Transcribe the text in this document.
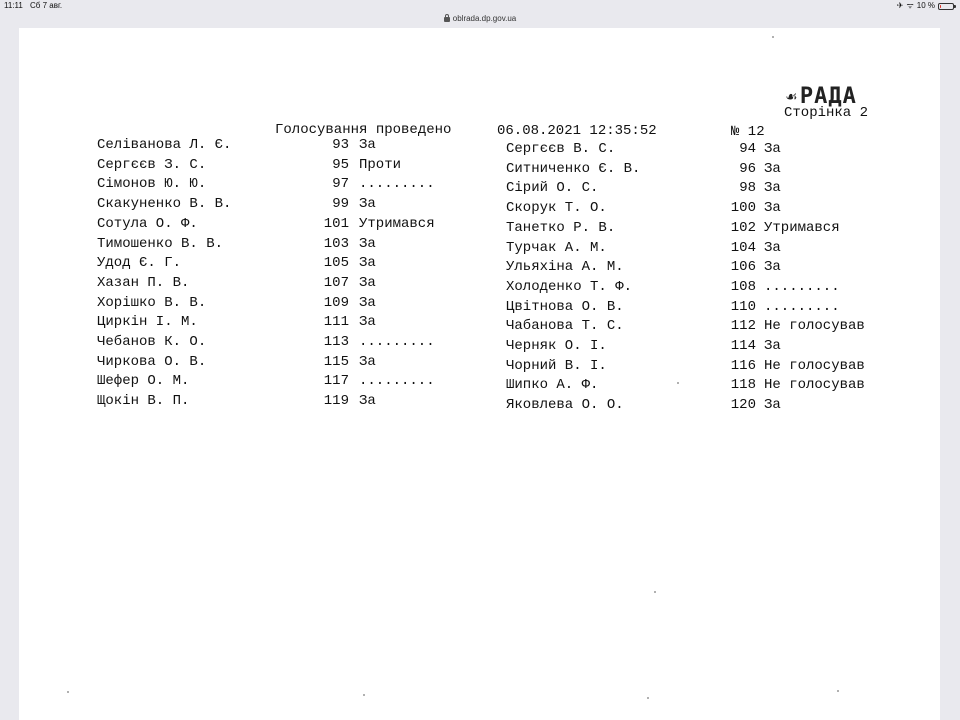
11:11 Сб 7 авг.	✈ ᯤ 10 %
oblrada.dp.gov.ua
☙РАДА
Сторінка 2
Голосування проведено	06.08.2021 12:35:52	№ 12
Селіванова Л. Є.	93 За
Сергєєв З. С.	95 Проти
Сімонов Ю. Ю.	97 .........
Скакуненко В. В.	99 За
Сотула О. Ф.	101 Утримався
Тимошенко В. В.	103 За
Удод Є. Г.	105 За
Хазан П. В.	107 За
Хорішко В. В.	109 За
Циркін І. М.	111 За
Чебанов К. О.	113 .........
Чиркова О. В.	115 За
Шефер О. М.	117 .........
Щокін В. П.	119 За
Сергєєв В. С.	94 За
Ситниченко Є. В.	96 За
Сірий О. С.	98 За
Скорук Т. О.	100 За
Танетко Р. В.	102 Утримався
Турчак А. М.	104 За
Ульяхіна А. М.	106 За
Холоденко Т. Ф.	108 .........
Цвітнова О. В.	110 .........
Чабанова Т. С.	112 Не голосував
Черняк О. І.	114 За
Чорний В. І.	116 Не голосував
Шипко А. Ф.	118 Не голосував
Яковлева О. О.	120 За
